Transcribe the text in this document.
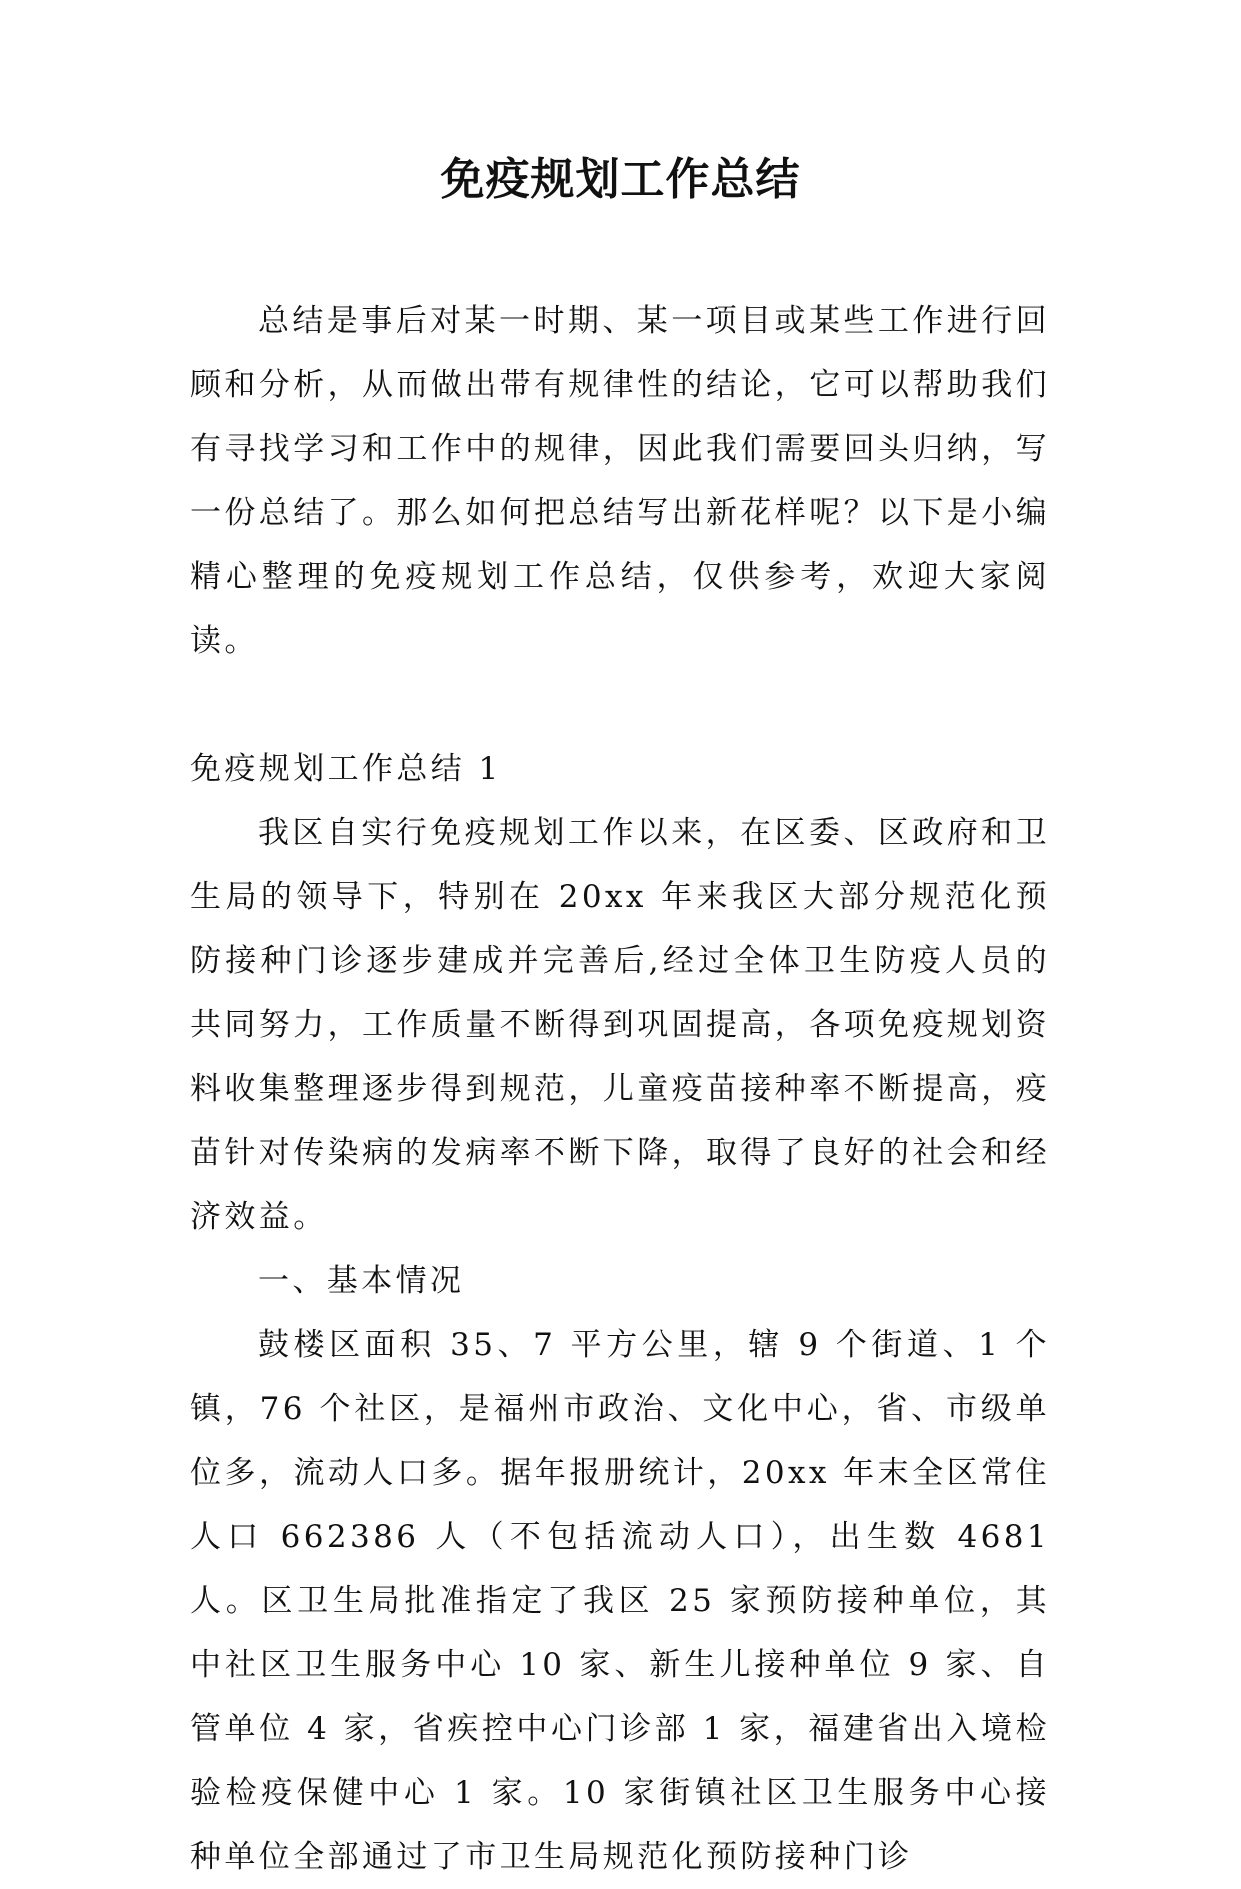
免疫规划工作总结

总结是事后对某一时期、某一项目或某些工作进行回顾和分析，从而做出带有规律性的结论，它可以帮助我们有寻找学习和工作中的规律，因此我们需要回头归纳，写一份总结了。那么如何把总结写出新花样呢？以下是小编精心整理的免疫规划工作总结，仅供参考，欢迎大家阅读。

免疫规划工作总结 1

我区自实行免疫规划工作以来，在区委、区政府和卫生局的领导下，特别在 20xx 年来我区大部分规范化预防接种门诊逐步建成并完善后,经过全体卫生防疫人员的共同努力，工作质量不断得到巩固提高，各项免疫规划资料收集整理逐步得到规范，儿童疫苗接种率不断提高，疫苗针对传染病的发病率不断下降，取得了良好的社会和经济效益。

一、基本情况

鼓楼区面积 35、7 平方公里，辖 9 个街道、1 个镇，76 个社区，是福州市政治、文化中心，省、市级单位多，流动人口多。据年报册统计，20xx 年末全区常住人口 662386 人（不包括流动人口），出生数 4681 人。区卫生局批准指定了我区 25 家预防接种单位，其中社区卫生服务中心 10 家、新生儿接种单位 9 家、自管单位 4 家，省疾控中心门诊部 1 家，福建省出入境检验检疫保健中心 1 家。10 家街镇社区卫生服务中心接种单位全部通过了市卫生局规范化预防接种门诊
